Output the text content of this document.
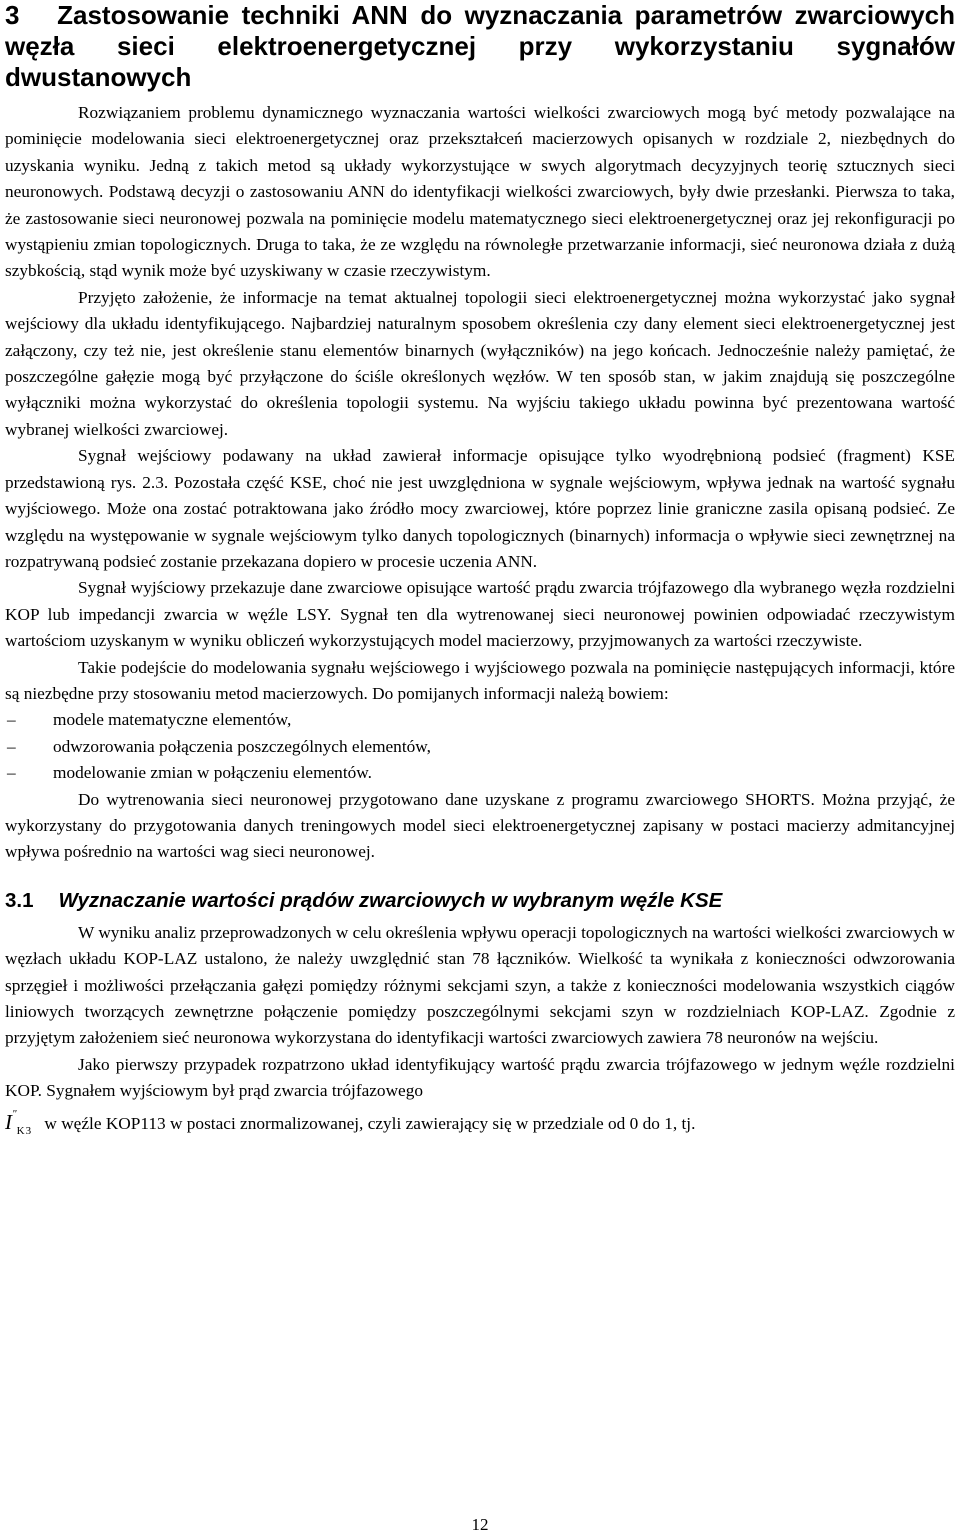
3 Zastosowanie techniki ANN do wyznaczania parametrów zwarciowych węzła sieci elektroenergetycznej przy wykorzystaniu sygnałów dwustanowych

Rozwiązaniem problemu dynamicznego wyznaczania wartości wielkości zwarciowych mogą być metody pozwalające na pominięcie modelowania sieci elektroenergetycznej oraz przekształceń macierzowych opisanych w rozdziale 2, niezbędnych do uzyskania wyniku. Jedną z takich metod są układy wykorzystujące w swych algorytmach decyzyjnych teorię sztucznych sieci neuronowych. Podstawą decyzji o zastosowaniu ANN do identyfikacji wielkości zwarciowych, były dwie przesłanki. Pierwsza to taka, że zastosowanie sieci neuronowej pozwala na pominięcie modelu matematycznego sieci elektroenergetycznej oraz jej rekonfiguracji po wystąpieniu zmian topologicznych. Druga to taka, że ze względu na równoległe przetwarzanie informacji, sieć neuronowa działa z dużą szybkością, stąd wynik może być uzyskiwany w czasie rzeczywistym.

Przyjęto założenie, że informacje na temat aktualnej topologii sieci elektroenergetycznej można wykorzystać jako sygnał wejściowy dla układu identyfikującego. Najbardziej naturalnym sposobem określenia czy dany element sieci elektroenergetycznej jest załączony, czy też nie, jest określenie stanu elementów binarnych (wyłączników) na jego końcach. Jednocześnie należy pamiętać, że poszczególne gałęzie mogą być przyłączone do ściśle określonych węzłów. W ten sposób stan, w jakim znajdują się poszczególne wyłączniki można wykorzystać do określenia topologii systemu. Na wyjściu takiego układu powinna być prezentowana wartość wybranej wielkości zwarciowej.

Sygnał wejściowy podawany na układ zawierał informacje opisujące tylko wyodrębnioną podsieć (fragment) KSE przedstawioną rys. 2.3. Pozostała część KSE, choć nie jest uwzględniona w sygnale wejściowym, wpływa jednak na wartość sygnału wyjściowego. Może ona zostać potraktowana jako źródło mocy zwarciowej, które poprzez linie graniczne zasila opisaną podsieć. Ze względu na występowanie w sygnale wejściowym tylko danych topologicznych (binarnych) informacja o wpływie sieci zewnętrznej na rozpatrywaną podsieć zostanie przekazana dopiero w procesie uczenia ANN.

Sygnał wyjściowy przekazuje dane zwarciowe opisujące wartość prądu zwarcia trójfazowego dla wybranego węzła rozdzielni KOP lub impedancji zwarcia w węźle LSY. Sygnał ten dla wytrenowanej sieci neuronowej powinien odpowiadać rzeczywistym wartościom uzyskanym w wyniku obliczeń wykorzystujących model macierzowy, przyjmowanych za wartości rzeczywiste.

Takie podejście do modelowania sygnału wejściowego i wyjściowego pozwala na pominięcie następujących informacji, które są niezbędne przy stosowaniu metod macierzowych. Do pomijanych informacji należą bowiem:

– modele matematyczne elementów,
– odwzorowania połączenia poszczególnych elementów,
– modelowanie zmian w połączeniu elementów.

Do wytrenowania sieci neuronowej przygotowano dane uzyskane z programu zwarciowego SHORTS. Można przyjąć, że wykorzystany do przygotowania danych treningowych model sieci elektroenergetycznej zapisany w postaci macierzy admitancyjnej wpływa pośrednio na wartości wag sieci neuronowej.

3.1 Wyznaczanie wartości prądów zwarciowych w wybranym węźle KSE

W wyniku analiz przeprowadzonych w celu określenia wpływu operacji topologicznych na wartości wielkości zwarciowych w węzłach układu KOP-LAZ ustalono, że należy uwzględnić stan 78 łączników. Wielkość ta wynikała z konieczności odwzorowania sprzęgieł i możliwości przełączania gałęzi pomiędzy różnymi sekcjami szyn, a także z konieczności modelowania wszystkich ciągów liniowych tworzących zewnętrzne połączenie pomiędzy poszczególnymi sekcjami szyn w rozdzielniach KOP-LAZ. Zgodnie z przyjętym założeniem sieć neuronowa wykorzystana do identyfikacji wartości zwarciowych zawiera 78 neuronów na wejściu.

Jako pierwszy przypadek rozpatrzono układ identyfikujący wartość prądu zwarcia trójfazowego w jednym węźle rozdzielni KOP. Sygnałem wyjściowym był prąd zwarcia trójfazowego

$I^"_{K3}$ w węźle KOP113 w postaci znormalizowanej, czyli zawierający się w przedziale od 0 do 1, tj.

12
